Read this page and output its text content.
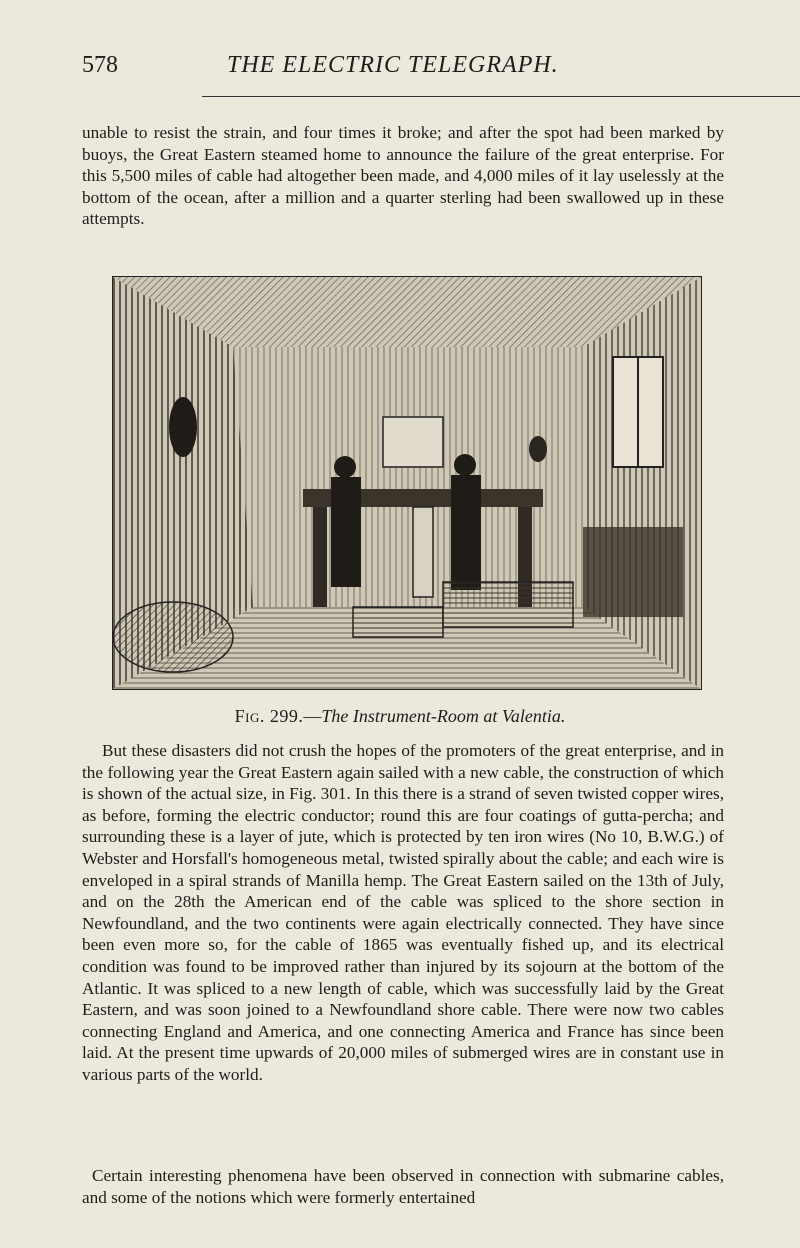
578	THE ELECTRIC TELEGRAPH.

unable to resist the strain, and four times it broke; and after the spot had been marked by buoys, the Great Eastern steamed home to announce the failure of the great enterprise. For this 5,500 miles of cable had altogether been made, and 4,000 miles of it lay uselessly at the bottom of the ocean, after a million and a quarter sterling had been swallowed up in these attempts.

Fig. 299.—The Instrument-Room at Valentia.

But these disasters did not crush the hopes of the promoters of the great enterprise, and in the following year the Great Eastern again sailed with a new cable, the construction of which is shown of the actual size, in Fig. 301. In this there is a strand of seven twisted copper wires, as before, forming the electric conductor; round this are four coatings of gutta-percha; and surrounding these is a layer of jute, which is protected by ten iron wires (No 10, B.W.G.) of Webster and Horsfall's homogeneous metal, twisted spirally about the cable; and each wire is enveloped in a spiral strands of Manilla hemp. The Great Eastern sailed on the 13th of July, and on the 28th the American end of the cable was spliced to the shore section in Newfoundland, and the two continents were again electrically connected. They have since been even more so, for the cable of 1865 was eventually fished up, and its electrical condition was found to be improved rather than injured by its sojourn at the bottom of the Atlantic. It was spliced to a new length of cable, which was successfully laid by the Great Eastern, and was soon joined to a Newfoundland shore cable. There were now two cables connecting England and America, and one connecting America and France has since been laid. At the present time upwards of 20,000 miles of submerged wires are in constant use in various parts of the world.

Certain interesting phenomena have been observed in connection with submarine cables, and some of the notions which were formerly entertained
